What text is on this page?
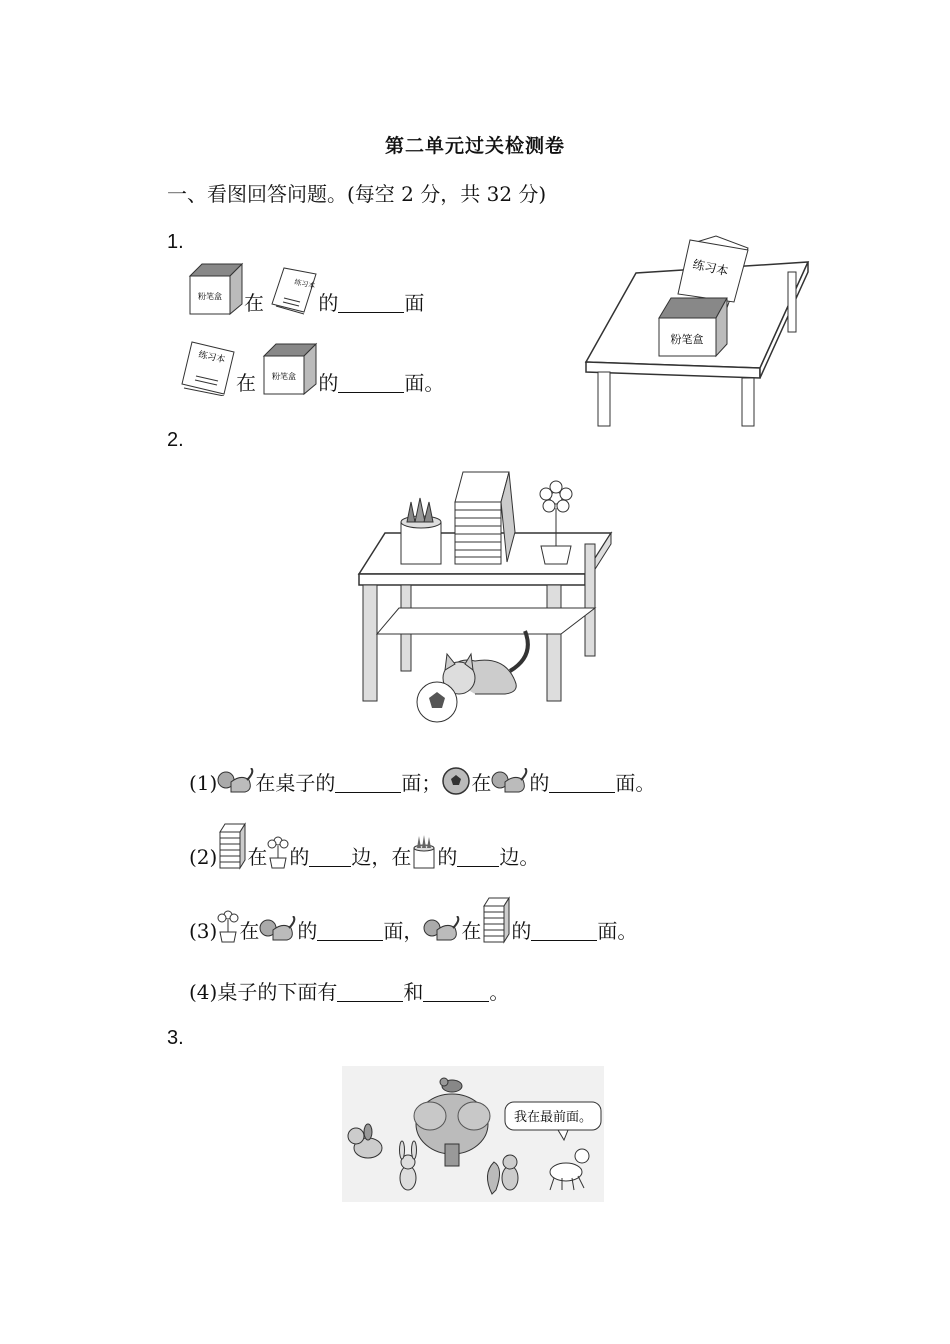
第二单元过关检测卷
一、看图回答问题。(每空 2 分，共 32 分)
1.
粉笔盒 在
练习本
的	面
练习本
在 粉笔盒 的	面。
练习本
粉笔盒
2.
(1) 在桌子的	面； 在 的	面。
(2) 在 的 边，在 的 边。
(3) 在 的	面， 在 的	面。
(4)桌子的下面有	和	。
3.
我在最前面。
